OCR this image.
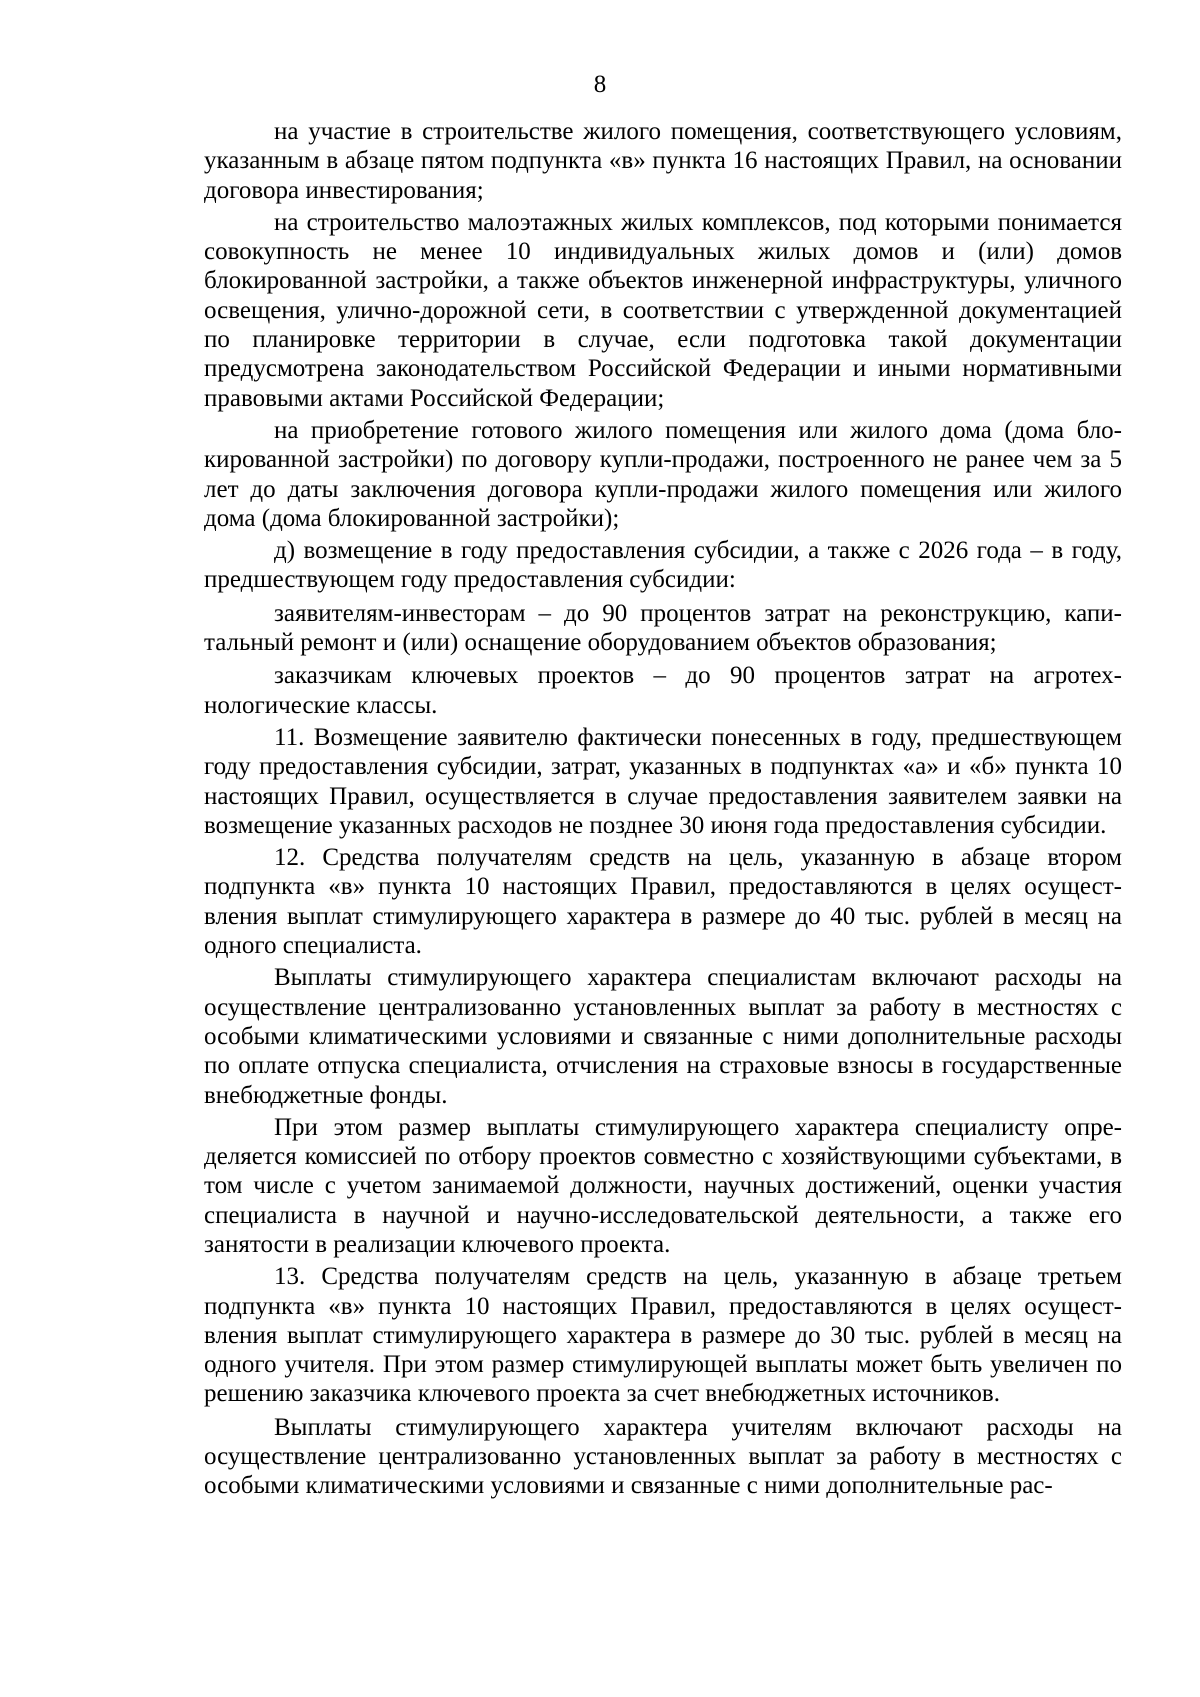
8

на участие в строительстве жилого помещения, соответствующего условиям, указанным в абзаце пятом подпункта «в» пункта 16 настоящих Правил, на основании договора инвестирования;

на строительство малоэтажных жилых комплексов, под которыми понимается совокупность не менее 10 индивидуальных жилых домов и (или) домов блокированной застройки, а также объектов инженерной инфраструктуры, уличного освещения, улично-дорожной сети, в соответствии с утвержденной документацией по планировке территории в случае, если подготовка такой документации предусмотрена законодательством Российской Федерации и иными нормативными правовыми актами Российской Федерации;

на приобретение готового жилого помещения или жилого дома (дома блокированной застройки) по договору купли-продажи, построенного не ранее чем за 5 лет до даты заключения договора купли-продажи жилого помещения или жилого дома (дома блокированной застройки);

д) возмещение в году предоставления субсидии, а также с 2026 года – в году, предшествующем году предоставления субсидии:

заявителям-инвесторам – до 90 процентов затрат на реконструкцию, капитальный ремонт и (или) оснащение оборудованием объектов образования;

заказчикам ключевых проектов – до 90 процентов затрат на агротехнологические классы.

11. Возмещение заявителю фактически понесенных в году, предшествующем году предоставления субсидии, затрат, указанных в подпунктах «а» и «б» пункта 10 настоящих Правил, осуществляется в случае предоставления заявителем заявки на возмещение указанных расходов не позднее 30 июня года предоставления субсидии.

12. Средства получателям средств на цель, указанную в абзаце втором подпункта «в» пункта 10 настоящих Правил, предоставляются в целях осуществления выплат стимулирующего характера в размере до 40 тыс. рублей в месяц на одного специалиста.

Выплаты стимулирующего характера специалистам включают расходы на осуществление централизованно установленных выплат за работу в местностях с особыми климатическими условиями и связанные с ними дополнительные расходы по оплате отпуска специалиста, отчисления на страховые взносы в государственные внебюджетные фонды.

При этом размер выплаты стимулирующего характера специалисту определяется комиссией по отбору проектов совместно с хозяйствующими субъектами, в том числе с учетом занимаемой должности, научных достижений, оценки участия специалиста в научной и научно-исследовательской деятельности, а также его занятости в реализации ключевого проекта.

13. Средства получателям средств на цель, указанную в абзаце третьем подпункта «в» пункта 10 настоящих Правил, предоставляются в целях осуществления выплат стимулирующего характера в размере до 30 тыс. рублей в месяц на одного учителя. При этом размер стимулирующей выплаты может быть увеличен по решению заказчика ключевого проекта за счет внебюджетных источников.

Выплаты стимулирующего характера учителям включают расходы на осуществление централизованно установленных выплат за работу в местностях с особыми климатическими условиями и связанные с ними дополнительные рас-
